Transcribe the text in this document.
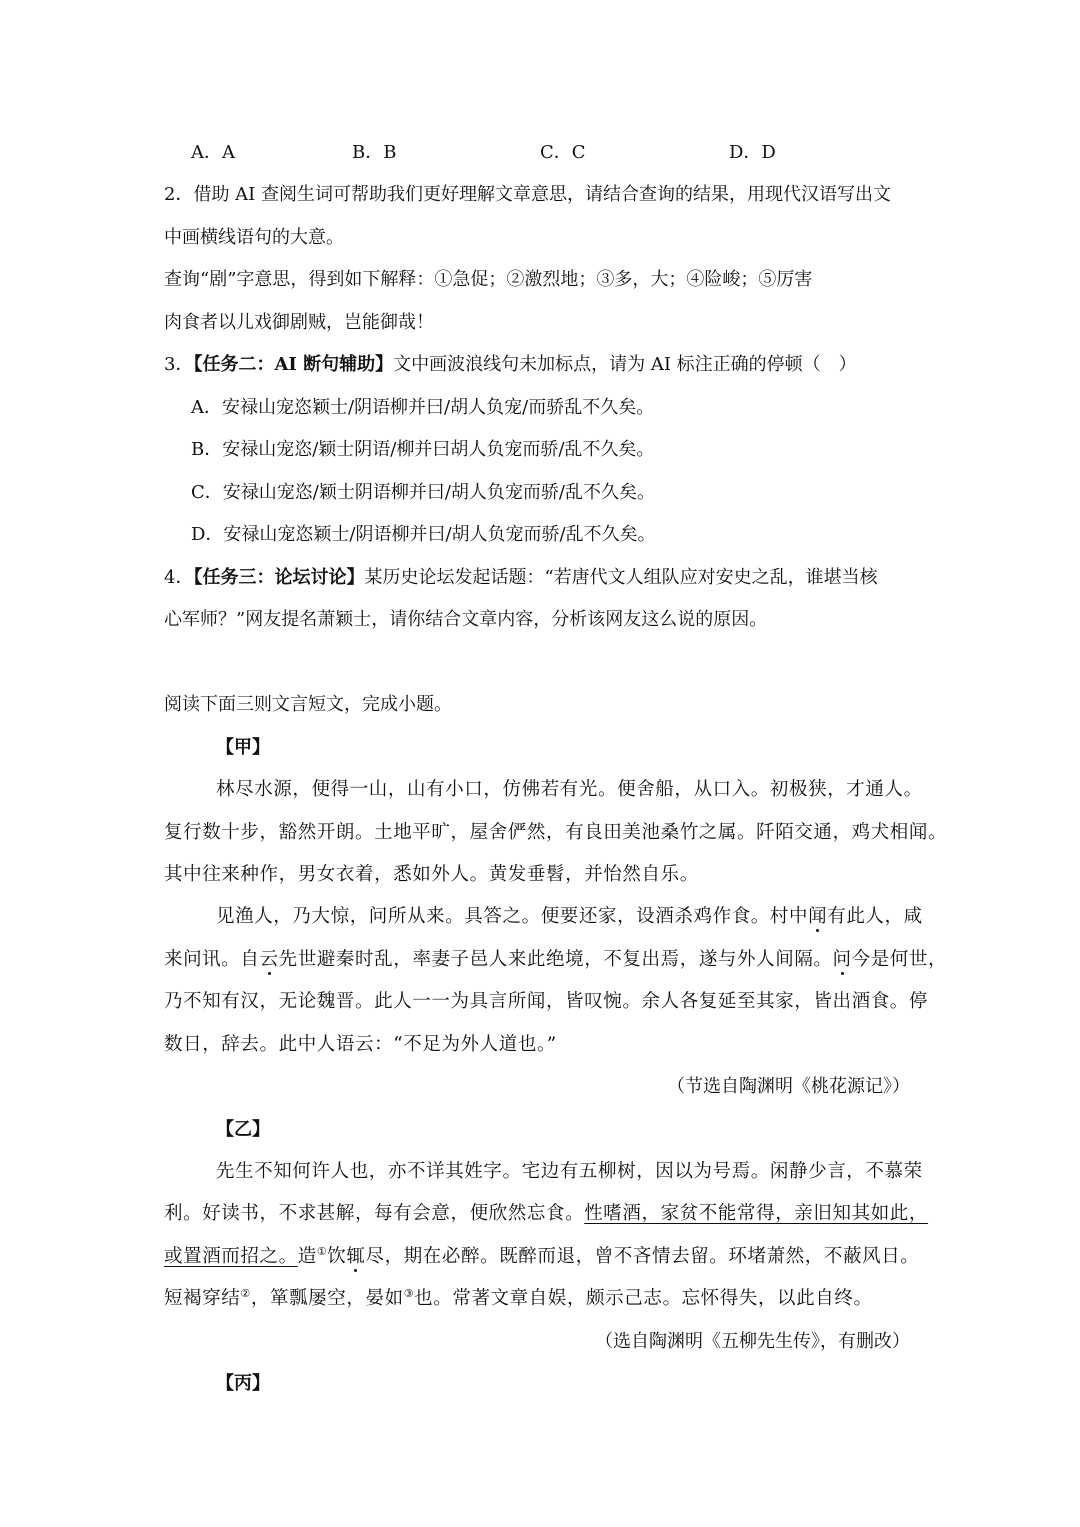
A．A	B．B	C．C	D．D
2．借助 AI 查阅生词可帮助我们更好理解文章意思，请结合查询的结果，用现代汉语写出文
中画横线语句的大意。
查询“剧”字意思，得到如下解释：①急促；②激烈地；③多，大；④险峻；⑤厉害
肉食者以儿戏御剧贼，岂能御哉！
3．【任务二：AI 断句辅助】文中画波浪线句未加标点，请为 AI 标注正确的停顿（　）
A．安禄山宠恣颖士/阴语柳并曰/胡人负宠/而骄乱不久矣。
B．安禄山宠恣/颖士阴语/柳并曰胡人负宠而骄/乱不久矣。
C．安禄山宠恣/颖士阴语柳并曰/胡人负宠而骄/乱不久矣。
D．安禄山宠恣颖士/阴语柳并曰/胡人负宠而骄/乱不久矣。
4．【任务三：论坛讨论】某历史论坛发起话题：“若唐代文人组队应对安史之乱，谁堪当核
心军师？”网友提名萧颖士，请你结合文章内容，分析该网友这么说的原因。
阅读下面三则文言短文，完成小题。
【甲】
林尽水源，便得一山，山有小口，仿佛若有光。便舍船，从口入。初极狭，才通人。
复行数十步，豁然开朗。土地平旷，屋舍俨然，有良田美池桑竹之属。阡陌交通，鸡犬相闻。
其中往来种作，男女衣着，悉如外人。黄发垂髫，并怡然自乐。
见渔人，乃大惊，问所从来。具答之。便要还家，设酒杀鸡作食。村中闻有此人，咸
来问讯。自云先世避秦时乱，率妻子邑人来此绝境，不复出焉，遂与外人间隔。问今是何世，
乃不知有汉，无论魏晋。此人一一为具言所闻，皆叹惋。余人各复延至其家，皆出酒食。停
数日，辞去。此中人语云：“不足为外人道也。”
（节选自陶渊明《桃花源记》）
【乙】
先生不知何许人也，亦不详其姓字。宅边有五柳树，因以为号焉。闲静少言，不慕荣
利。好读书，不求甚解，每有会意，便欣然忘食。性嗜酒，家贫不能常得，亲旧知其如此，
或置酒而招之。造①饮辄尽，期在必醉。既醉而退，曾不吝情去留。环堵萧然，不蔽风日。
短褐穿结②，箪瓢屡空，晏如③也。常著文章自娱，颇示己志。忘怀得失，以此自终。
（选自陶渊明《五柳先生传》，有删改）
【丙】
